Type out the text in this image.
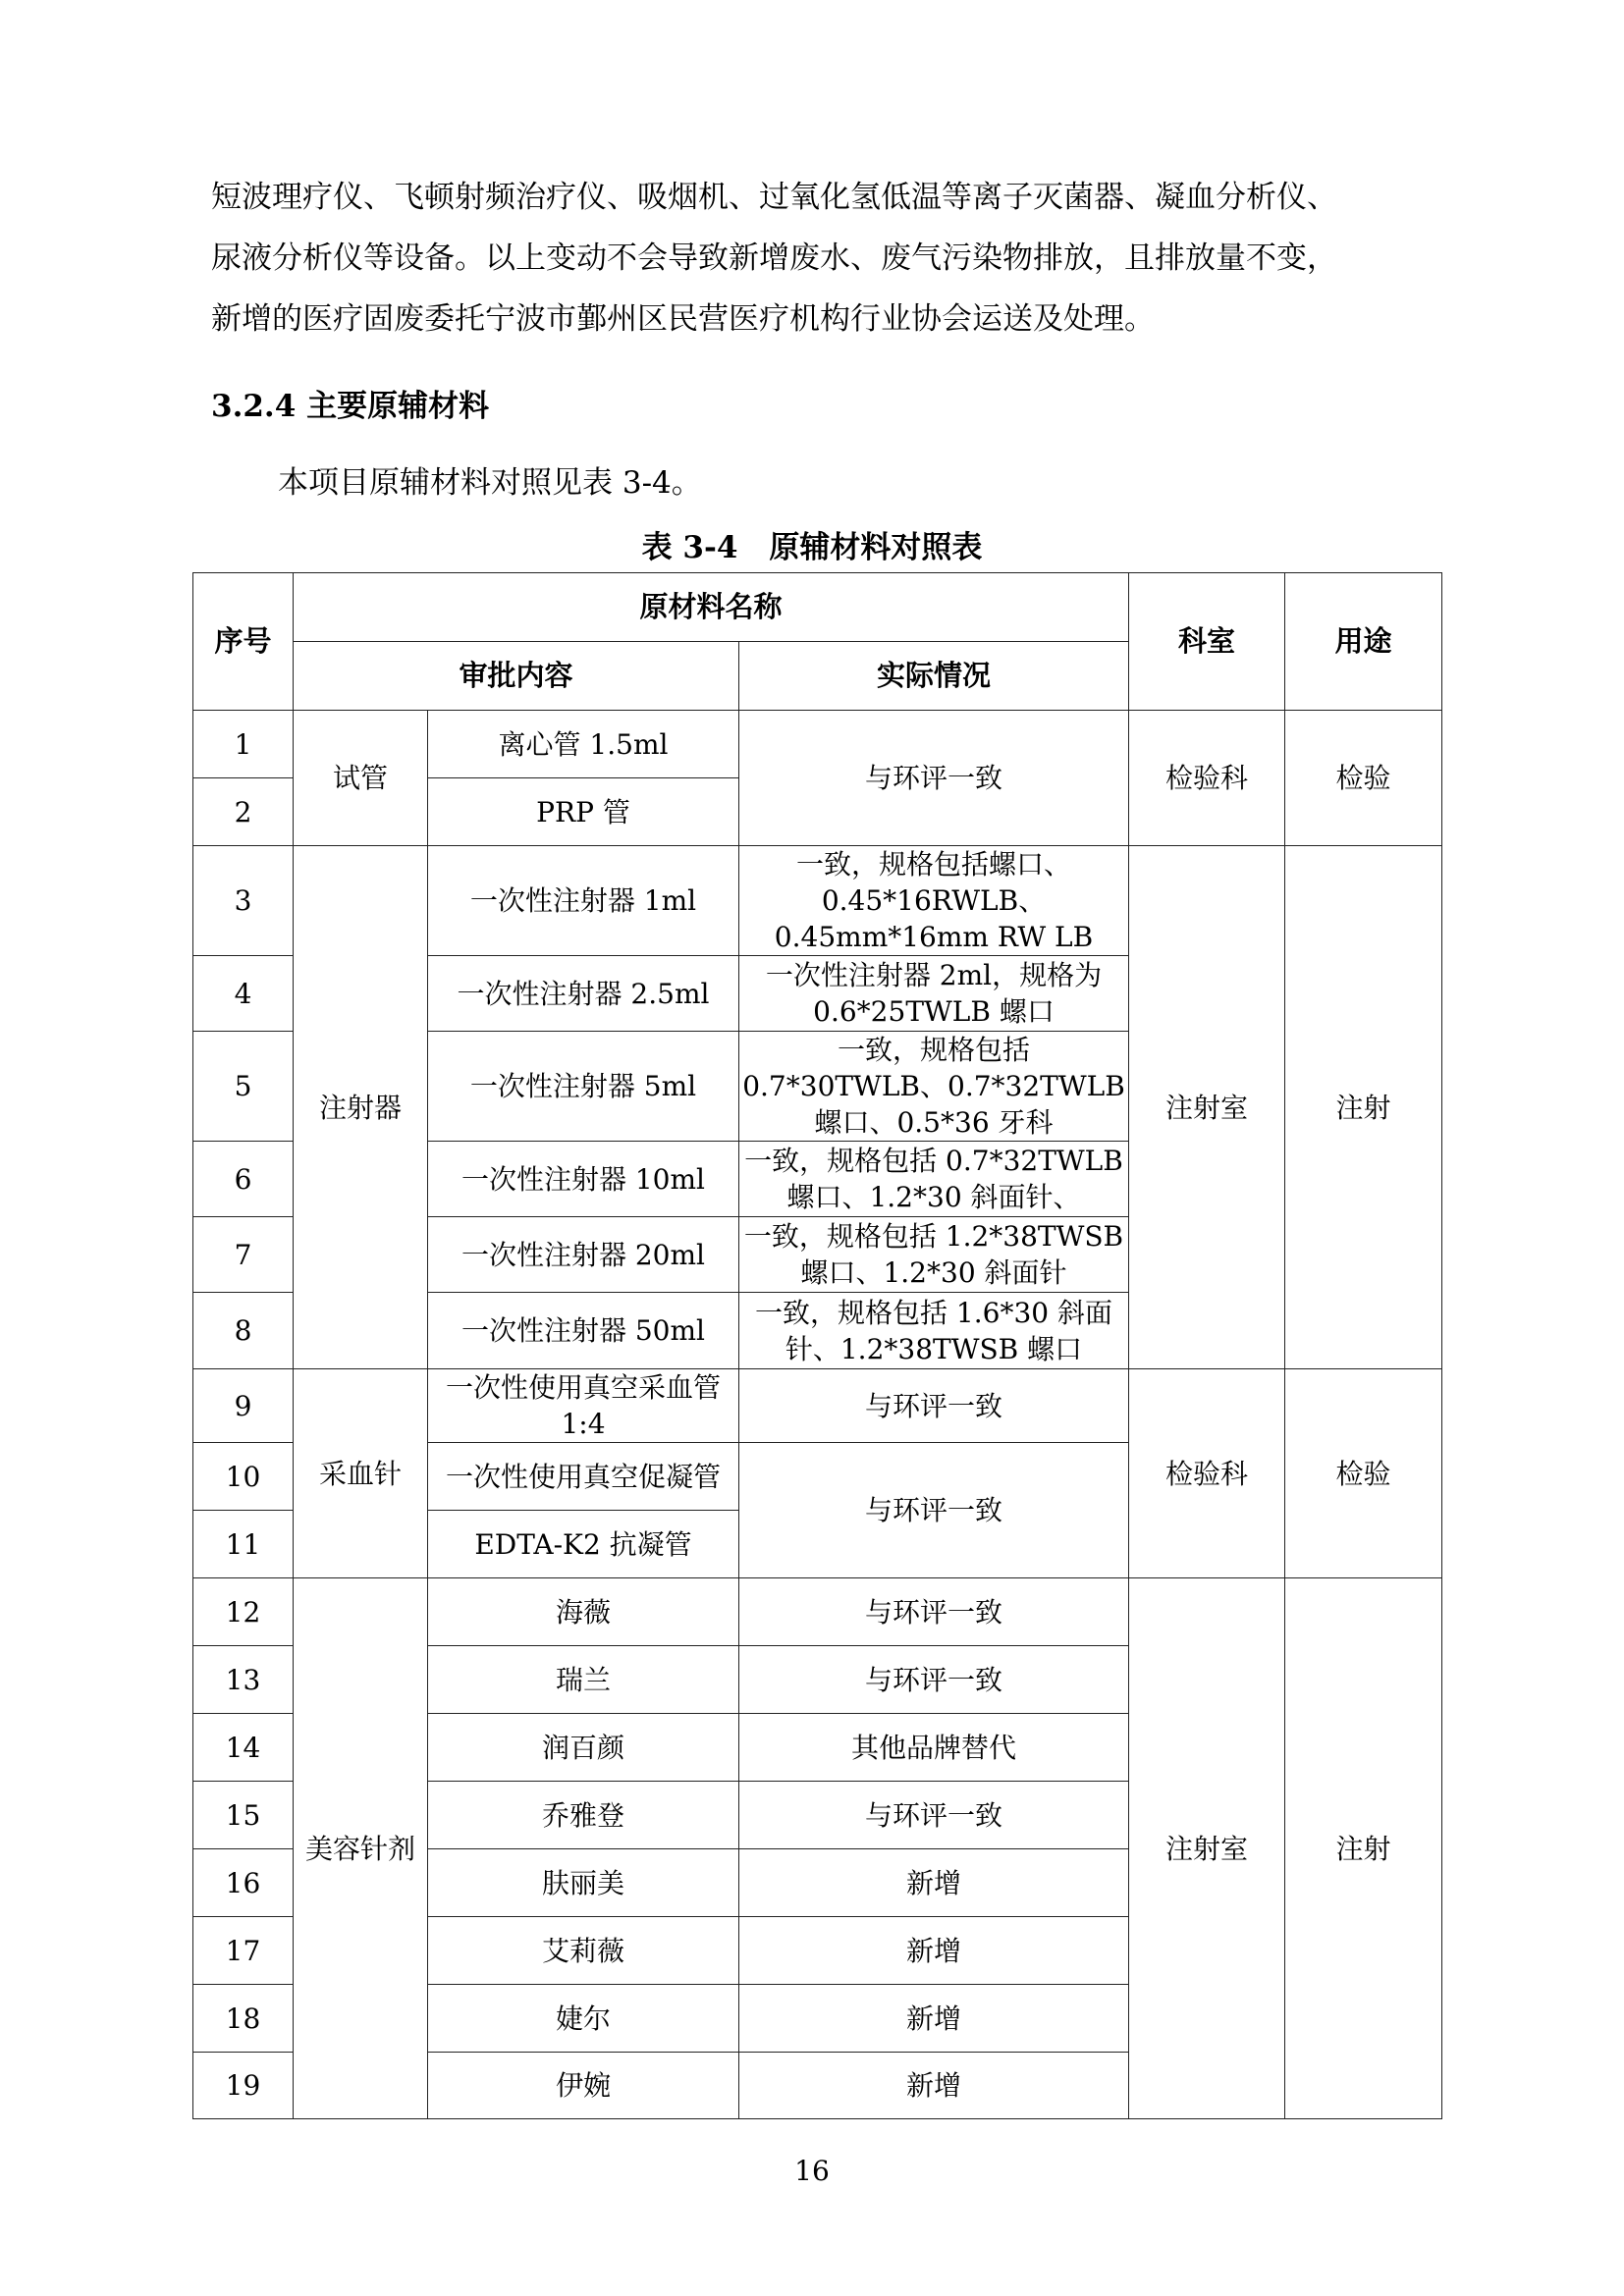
短波理疗仪、飞顿射频治疗仪、吸烟机、过氧化氢低温等离子灭菌器、凝血分析仪、

尿液分析仪等设备。以上变动不会导致新增废水、废气污染物排放，且排放量不变，

新增的医疗固废委托宁波市鄞州区民营医疗机构行业协会运送及处理。

3.2.4 主要原辅材料

本项目原辅材料对照见表 3-4。

表 3-4 原辅材料对照表

序号	原材料名称			科室	用途
	审批内容		实际情况		
1	试管	离心管 1.5ml	与环评一致	检验科	检验
2		PRP 管			
3	注射器	一次性注射器 1ml	一致，规格包括螺口、0.45*16RWLB、0.45mm*16mm RW LB	注射室	注射
4		一次性注射器 2.5ml	一次性注射器 2ml，规格为 0.6*25TWLB 螺口		
5		一次性注射器 5ml	一致，规格包括 0.7*30TWLB、0.7*32TWLB 螺口、0.5*36 牙科		
6		一次性注射器 10ml	一致，规格包括 0.7*32TWLB 螺口、1.2*30 斜面针、		
7		一次性注射器 20ml	一致，规格包括 1.2*38TWSB 螺口、1.2*30 斜面针		
8		一次性注射器 50ml	一致，规格包括 1.6*30 斜面针、1.2*38TWSB 螺口		
9	采血针	一次性使用真空采血管 1:4	与环评一致	检验科	检验
10		一次性使用真空促凝管	与环评一致		
11		EDTA-K2 抗凝管			
12	美容针剂	海薇	与环评一致	注射室	注射
13		瑞兰	与环评一致		
14		润百颜	其他品牌替代		
15		乔雅登	与环评一致		
16		肤丽美	新增		
17		艾莉薇	新增		
18		婕尔	新增		
19		伊婉	新增		
16
